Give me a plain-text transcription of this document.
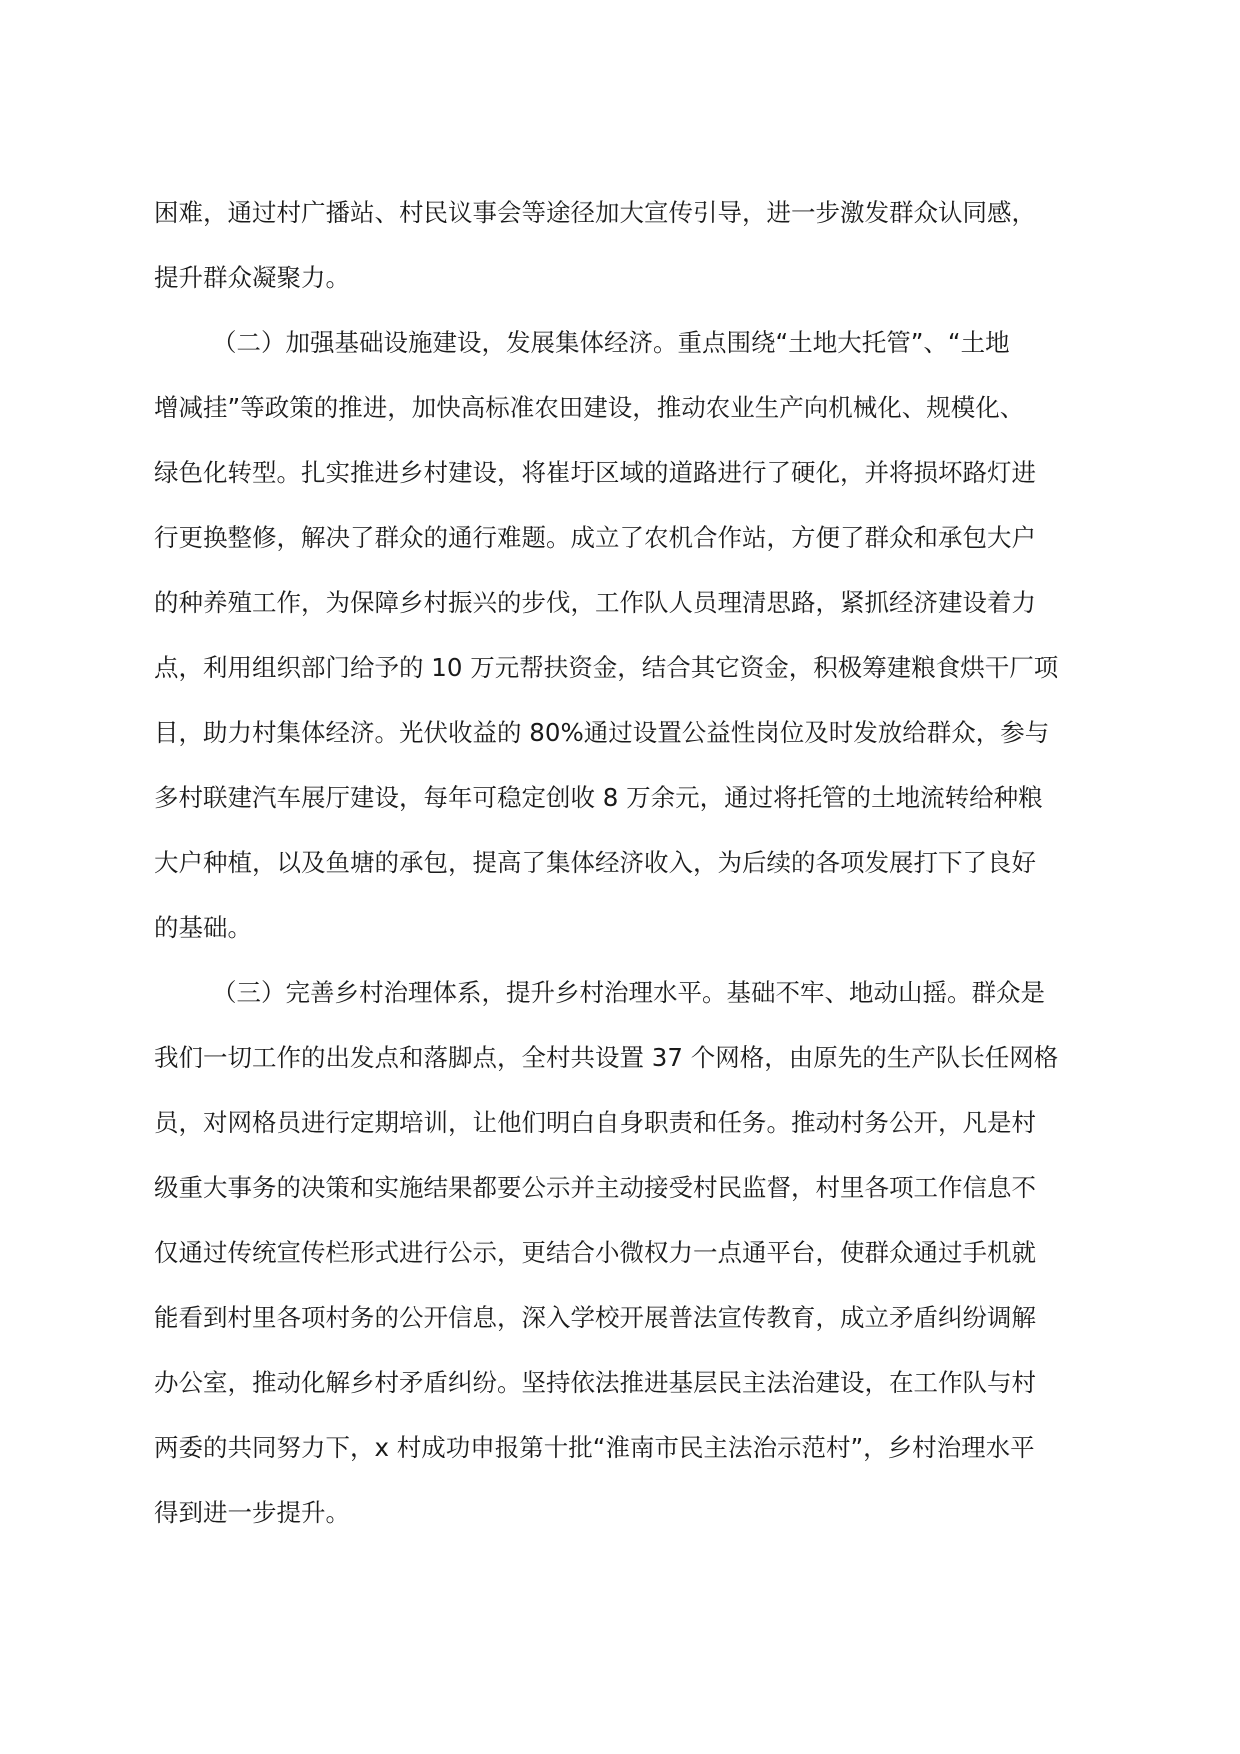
困难，通过村广播站、村民议事会等途径加大宣传引导，进一步激发群众认同感，
提升群众凝聚力。
（二）加强基础设施建设，发展集体经济。重点围绕“土地大托管”、“土地
增减挂”等政策的推进，加快高标准农田建设，推动农业生产向机械化、规模化、
绿色化转型。扎实推进乡村建设，将崔圩区域的道路进行了硬化，并将损坏路灯进
行更换整修，解决了群众的通行难题。成立了农机合作站，方便了群众和承包大户
的种养殖工作，为保障乡村振兴的步伐，工作队人员理清思路，紧抓经济建设着力
点，利用组织部门给予的 10 万元帮扶资金，结合其它资金，积极筹建粮食烘干厂项
目，助力村集体经济。光伏收益的 80%通过设置公益性岗位及时发放给群众，参与
多村联建汽车展厅建设，每年可稳定创收 8 万余元，通过将托管的土地流转给种粮
大户种植，以及鱼塘的承包，提高了集体经济收入，为后续的各项发展打下了良好
的基础。
（三）完善乡村治理体系，提升乡村治理水平。基础不牢、地动山摇。群众是
我们一切工作的出发点和落脚点，全村共设置 37 个网格，由原先的生产队长任网格
员，对网格员进行定期培训，让他们明白自身职责和任务。推动村务公开，凡是村
级重大事务的决策和实施结果都要公示并主动接受村民监督，村里各项工作信息不
仅通过传统宣传栏形式进行公示，更结合小微权力一点通平台，使群众通过手机就
能看到村里各项村务的公开信息，深入学校开展普法宣传教育，成立矛盾纠纷调解
办公室，推动化解乡村矛盾纠纷。坚持依法推进基层民主法治建设，在工作队与村
两委的共同努力下，x 村成功申报第十批“淮南市民主法治示范村”，乡村治理水平
得到进一步提升。
